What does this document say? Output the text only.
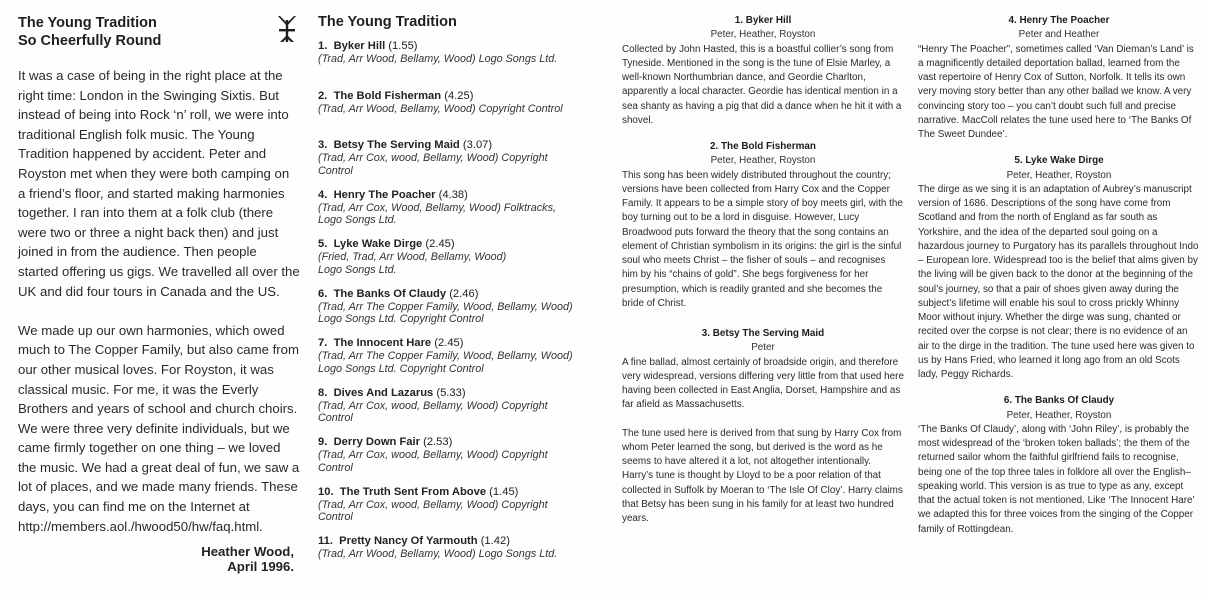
The Young Tradition
So Cheerfully Round

It was a case of being in the right place at the right time: London in the Swinging Sixtis. But instead of being into Rock ‘n’ roll, we were into traditional English folk music. The Young Tradition happened by accident. Peter and Royston met when they were both camping on a friend’s floor, and started making harmonies together. I ran into them at a folk club (there were two or three a night back then) and just joined in from the audience. Then people started offering us gigs. We travelled all over the UK and did four tours in Canada and the US.

We made up our own harmonies, which owed much to The Copper Family, but also came from our other musical loves. For Royston, it was classical music. For me, it was the Everly Brothers and years of school and church choirs. We were three very definite individuals, but we came firmly together on one thing – we loved the music. We had a great deal of fun, we saw a lot of places, and we made many friends. These days, you can find me on the Internet at http://members.aol./hwood50/hw/faq.html.

Heather Wood,
April 1996.
The Young Tradition
1. Byker Hill (1.55)
(Trad, Arr Wood, Bellamy, Wood) Logo Songs Ltd.
2. The Bold Fisherman (4.25)
(Trad, Arr Wood, Bellamy, Wood) Copyright Control
3. Betsy The Serving Maid (3.07)
(Trad, Arr Cox, wood, Bellamy, Wood) Copyright
Control
4. Henry The Poacher (4.38)
(Trad, Arr Cox, Wood, Bellamy, Wood) Folktracks,
Logo Songs Ltd.
5. Lyke Wake Dirge (2.45)
(Fried, Trad, Arr Wood, Bellamy, Wood)
Logo Songs Ltd.
6. The Banks Of Claudy (2.46)
(Trad, Arr The Copper Family, Wood, Bellamy, Wood)
Logo Songs Ltd. Copyright Control
7. The Innocent Hare (2.45)
(Trad, Arr The Copper Family, Wood, Bellamy, Wood)
Logo Songs Ltd. Copyright Control
8. Dives And Lazarus (5.33)
(Trad, Arr Cox, wood, Bellamy, Wood) Copyright
Control
9. Derry Down Fair (2.53)
(Trad, Arr Cox, wood, Bellamy, Wood) Copyright
Control
10. The Truth Sent From Above (1.45)
(Trad, Arr Cox, wood, Bellamy, Wood) Copyright
Control
11. Pretty Nancy Of Yarmouth (1.42)
(Trad, Arr Wood, Bellamy, Wood) Logo Songs Ltd.
1. Byker Hill
Peter, Heather, Royston

Collected by John Hasted, this is a boastful collier’s song from Tyneside. Mentioned in the song is the tune of Elsie Marley, a well-known Northumbrian dance, and Geordie Charlton, apparently a local character. Geordie has identical mention in a sea shanty as having a pig that did a dance when he hit it with a shovel.

2. The Bold Fisherman
Peter, Heather, Royston

This song has been widely distributed throughout the country; versions have been collected from Harry Cox and the Copper Family. It appears to be a simple story of boy meets girl, with the boy turning out to be a lord in disguise. However, Lucy Broadwood puts forward the theory that the song contains an element of Christian symbolism in its origins: the girl is the sinful soul who meets Christ – the fisher of souls – and recognises him by his “chains of gold”. She begs forgiveness for her presumption, which is readily granted and she becomes the bride of Christ.

3. Betsy The Serving Maid
Peter

A fine ballad, almost certainly of broadside origin, and therefore very widespread, versions differing very little from that used here having been collected in East Anglia, Dorset, Hampshire and as far afield as Massachusetts.

The tune used here is derived from that sung by Harry Cox from whom Peter learned the song, but derived is the word as he seems to have altered it a lot, not altogether intentionally. Harry’s tune is thought by Lloyd to be a poor relation of that collected in Suffolk by Moeran to ‘The Isle Of Cloy’. Harry claims that Betsy has been sung in his family for at least two hundred years.

4. Henry The Poacher
Peter and Heather

“Henry The Poacher”, sometimes called ‘Van Dieman’s Land’ is a magnificently detailed deportation ballad, learned from the vast repertoire of Henry Cox of Sutton, Norfolk. It tells its own very moving story better than any other ballad we know. A very convincing story too – you can’t doubt such full and precise narrative. MacColl relates the tune used here to ‘The Banks Of The Sweet Dundee’.

5. Lyke Wake Dirge
Peter, Heather, Royston

The dirge as we sing it is an adaptation of Aubrey’s manuscript version of 1686. Descriptions of the song have come from Scotland and from the north of England as far south as Yorkshire, and the idea of the departed soul going on a hazardous journey to Purgatory has its parallels throughout Indo – European lore. Widespread too is the belief that alms given by the living will be given back to the donor at the beginning of the soul’s journey, so that a pair of shoes given away during the subject’s lifetime will enable his soul to cross prickly Whinny Moor without injury. Whether the dirge was sung, chanted or recited over the corpse is not clear; there is no evidence of an air to the dirge in the tradition. The tune used here was given to us by Hans Fried, who learned it long ago from an old Scots lady, Peggy Richards.

6. The Banks Of Claudy
Peter, Heather, Royston

‘The Banks Of Claudy’, along with ‘John Riley’, is probably the most widespread of the ‘broken token ballads’; the them of the returned sailor whom the faithful girlfriend fails to recognise, being one of the top three tales in folklore all over the English–speaking world. This version is as true to type as any, except that the actual token is not mentioned. Like ‘The Innocent Hare’ we adapted this for three voices from the singing of the Copper family of Rottingdean.
